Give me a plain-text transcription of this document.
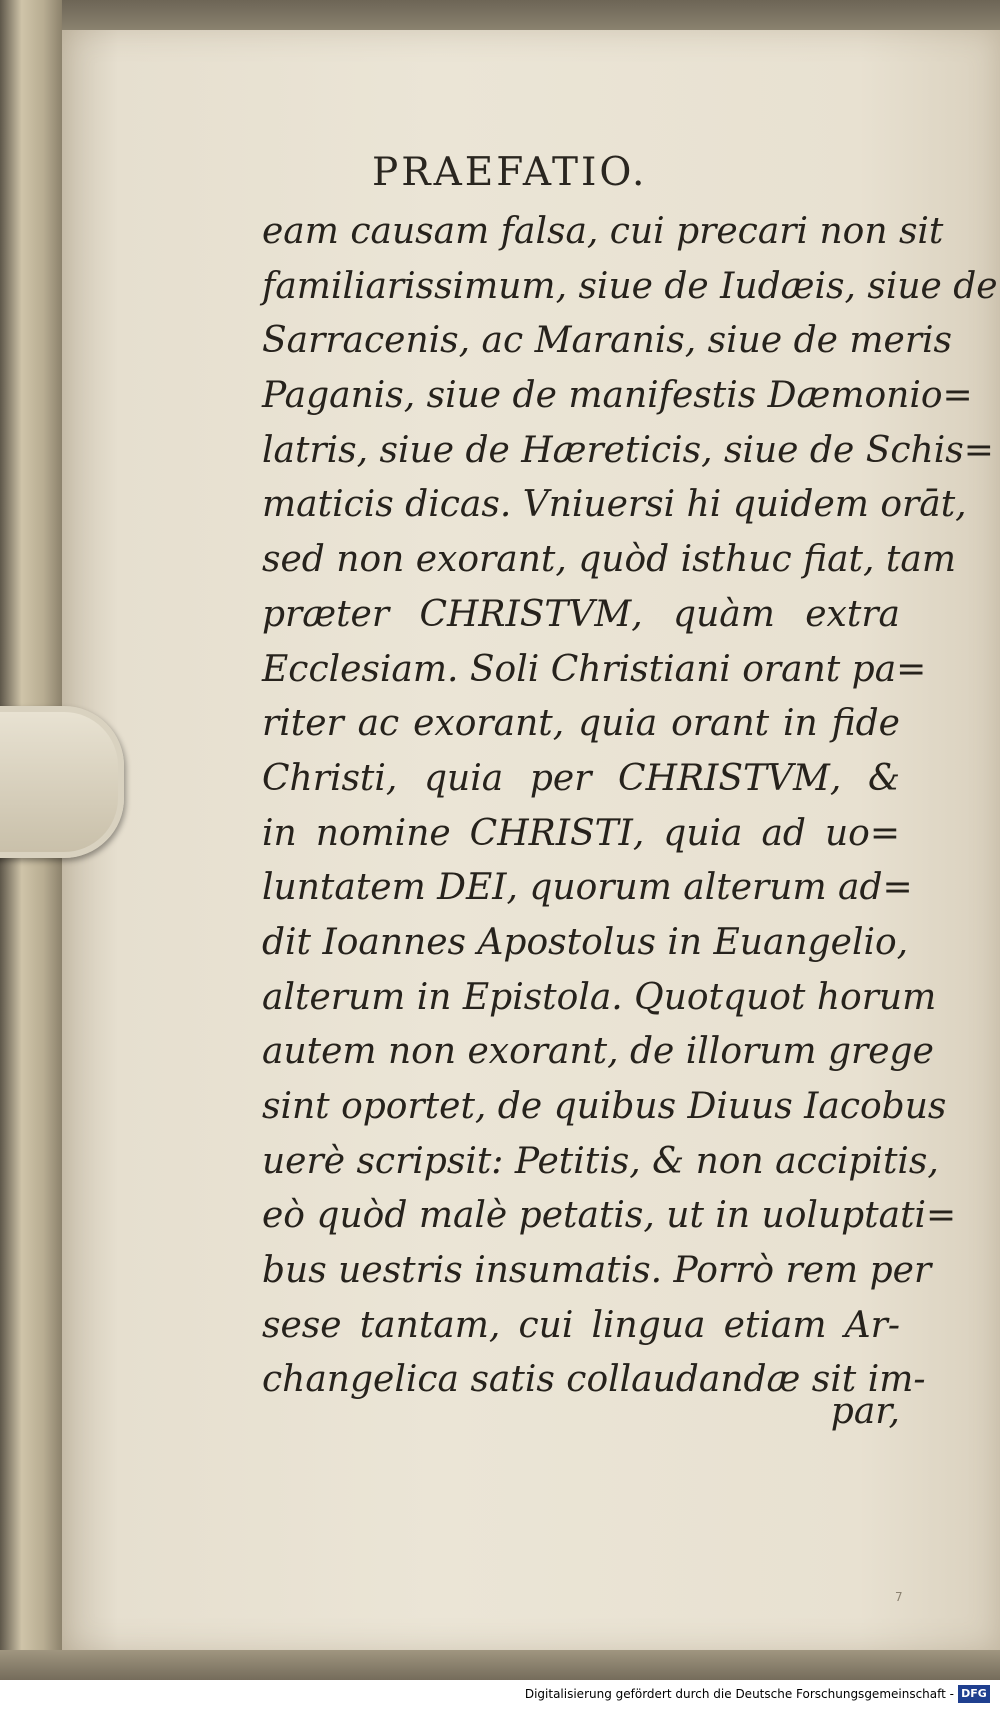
PRAEFATIO.
eam causam falsa, cui precari non sit
familiarissimum, siue de Iudæis, siue de
Sarracenis, ac Maranis, siue de meris
Paganis, siue de manifestis Dæmonio=
latris, siue de Hæreticis, siue de Schis=
maticis dicas. Vniuersi hi quidem orāt,
sed non exorant, quòd isthuc fiat, tam
præter CHRISTVM, quàm extra
Ecclesiam. Soli Christiani orant pa=
riter ac exorant, quia orant in fide
Christi, quia per CHRISTVM, &
in nomine CHRISTI, quia ad uo=
luntatem DEI, quorum alterum ad=
dit Ioannes Apostolus in Euangelio,
alterum in Epistola. Quotquot horum
autem non exorant, de illorum grege
sint oportet, de quibus Diuus Iacobus
uerè scripsit: Petitis, & non accipitis,
eò quòd malè petatis, ut in uoluptati=
bus uestris insumatis. Porrò rem per
sese tantam, cui lingua etiam Ar-
changelica satis collaudandæ sit im-
par,
7
Digitalisierung gefördert durch die Deutsche Forschungsgemeinschaft - DFG
